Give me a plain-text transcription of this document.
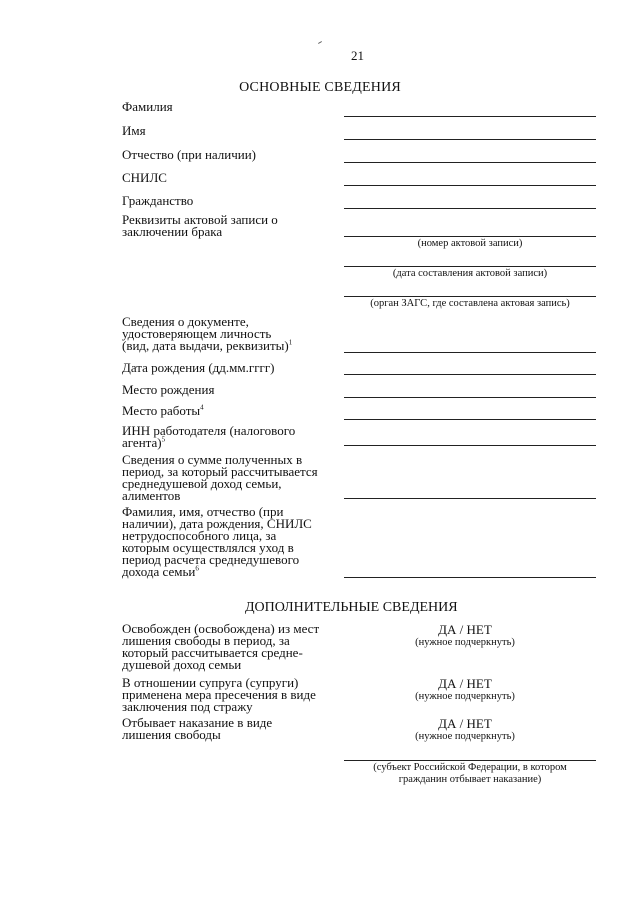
21
ОСНОВНЫЕ СВЕДЕНИЯ
Фамилия
Имя
Отчество (при наличии)
СНИЛС
Гражданство
Реквизиты актовой записи о
заключении брака
(номер актовой записи)
(дата составления актовой записи)
(орган ЗАГС, где составлена актовая запись)
Сведения о документе,
удостоверяющем личность
(вид, дата выдачи, реквизиты)$^1$
Дата рождения (дд.мм.гггг)
Место рождения
Место работы$^4$
ИНН работодателя (налогового
агента)$^5$
Сведения о сумме полученных в
период, за который рассчитывается
среднедушевой доход семьи,
алиментов
Фамилия, имя, отчество (при
наличии), дата рождения, СНИЛС
нетрудоспособного лица, за
которым осуществлялся уход в
период расчета среднедушевого
дохода семьи$^6$
ДОПОЛНИТЕЛЬНЫЕ СВЕДЕНИЯ
Освобожден (освобождена) из мест
лишения свободы в период, за
который рассчитывается средне-
душевой доход семьи
ДА / НЕТ
(нужное подчеркнуть)
В отношении супруга (супруги)
применена мера пресечения в виде
заключения под стражу
ДА / НЕТ
(нужное подчеркнуть)
Отбывает наказание в виде
лишения свободы
ДА / НЕТ
(нужное подчеркнуть)
(субъект Российской Федерации, в котором
гражданин отбывает наказание)
